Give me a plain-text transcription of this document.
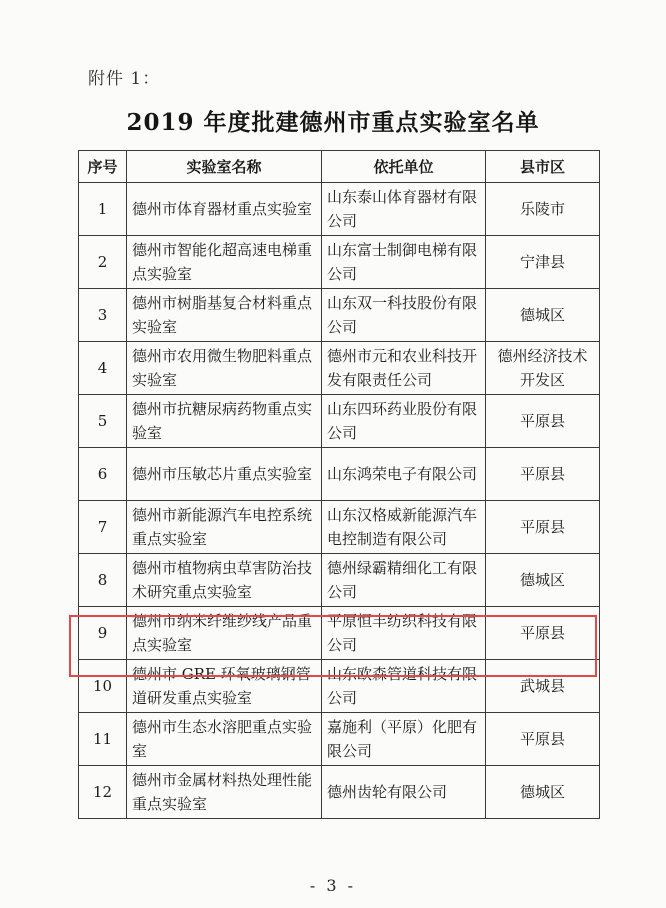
附件 1：
2019 年度批建德州市重点实验室名单
序号	实验室名称	依托单位	县市区
1	德州市体育器材重点实验室	山东泰山体育器材有限公司	乐陵市
2	德州市智能化超高速电梯重点实验室	山东富士制御电梯有限公司	宁津县
3	德州市树脂基复合材料重点实验室	山东双一科技股份有限公司	德城区
4	德州市农用微生物肥料重点实验室	德州市元和农业科技开发有限责任公司	德州经济技术开发区
5	德州市抗糖尿病药物重点实验室	山东四环药业股份有限公司	平原县
6	德州市压敏芯片重点实验室	山东鸿荣电子有限公司	平原县
7	德州市新能源汽车电控系统重点实验室	山东汉格威新能源汽车电控制造有限公司	平原县
8	德州市植物病虫草害防治技术研究重点实验室	德州绿霸精细化工有限公司	德城区
9	德州市纳米纤维纱线产品重点实验室	平原恒丰纺织科技有限公司	平原县
10	德州市 GRE 环氧玻璃钢管道研发重点实验室	山东欧森管道科技有限公司	武城县
11	德州市生态水溶肥重点实验室	嘉施利（平原）化肥有限公司	平原县
12	德州市金属材料热处理性能重点实验室	德州齿轮有限公司	德城区
- 3 -
